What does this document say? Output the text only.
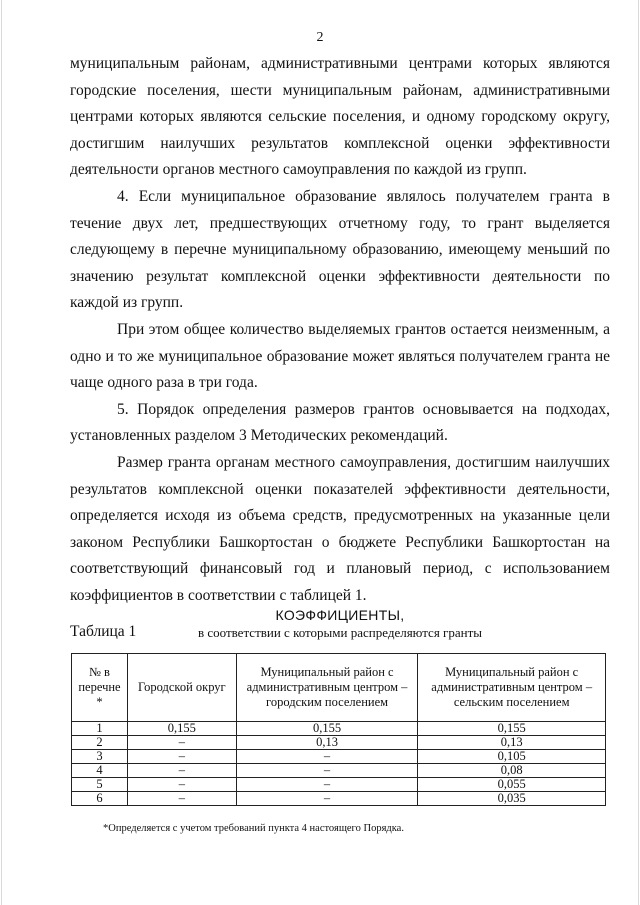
2

муниципальным районам, административными центрами которых являются городские поселения, шести муниципальным районам, административными центрами которых являются сельские поселения, и одному городскому округу, достигшим наилучших результатов комплексной оценки эффективности деятельности органов местного самоуправления по каждой из групп.

4. Если муниципальное образование являлось получателем гранта в течение двух лет, предшествующих отчетному году, то грант выделяется следующему в перечне муниципальному образованию, имеющему меньший по значению результат комплексной оценки эффективности деятельности по каждой из групп.

При этом общее количество выделяемых грантов остается неизменным, а одно и то же муниципальное образование может являться получателем гранта не чаще одного раза в три года.

5. Порядок определения размеров грантов основывается на подходах, установленных разделом 3 Методических рекомендаций.

Размер гранта органам местного самоуправления, достигшим наилучших результатов комплексной оценки показателей эффективности деятельности, определяется исходя из объема средств, предусмотренных на указанные цели законом Республики Башкортостан о бюджете Республики Башкортостан на соответствующий финансовый год и плановый период, с использованием коэффициентов в соответствии с таблицей 1.

Таблица 1

КОЭФФИЦИЕНТЫ,
в соответствии с которыми распределяются гранты
№ в перечне *	Городской округ	Муниципальный район с административным центром – городским поселением	Муниципальный район с административным центром – сельским поселением
1	0,155	0,155	0,155
2	–	0,13	0,13
3	–	–	0,105
4	–	–	0,08
5	–	–	0,055
6	–	–	0,035
*Определяется с учетом требований пункта 4 настоящего Порядка.
